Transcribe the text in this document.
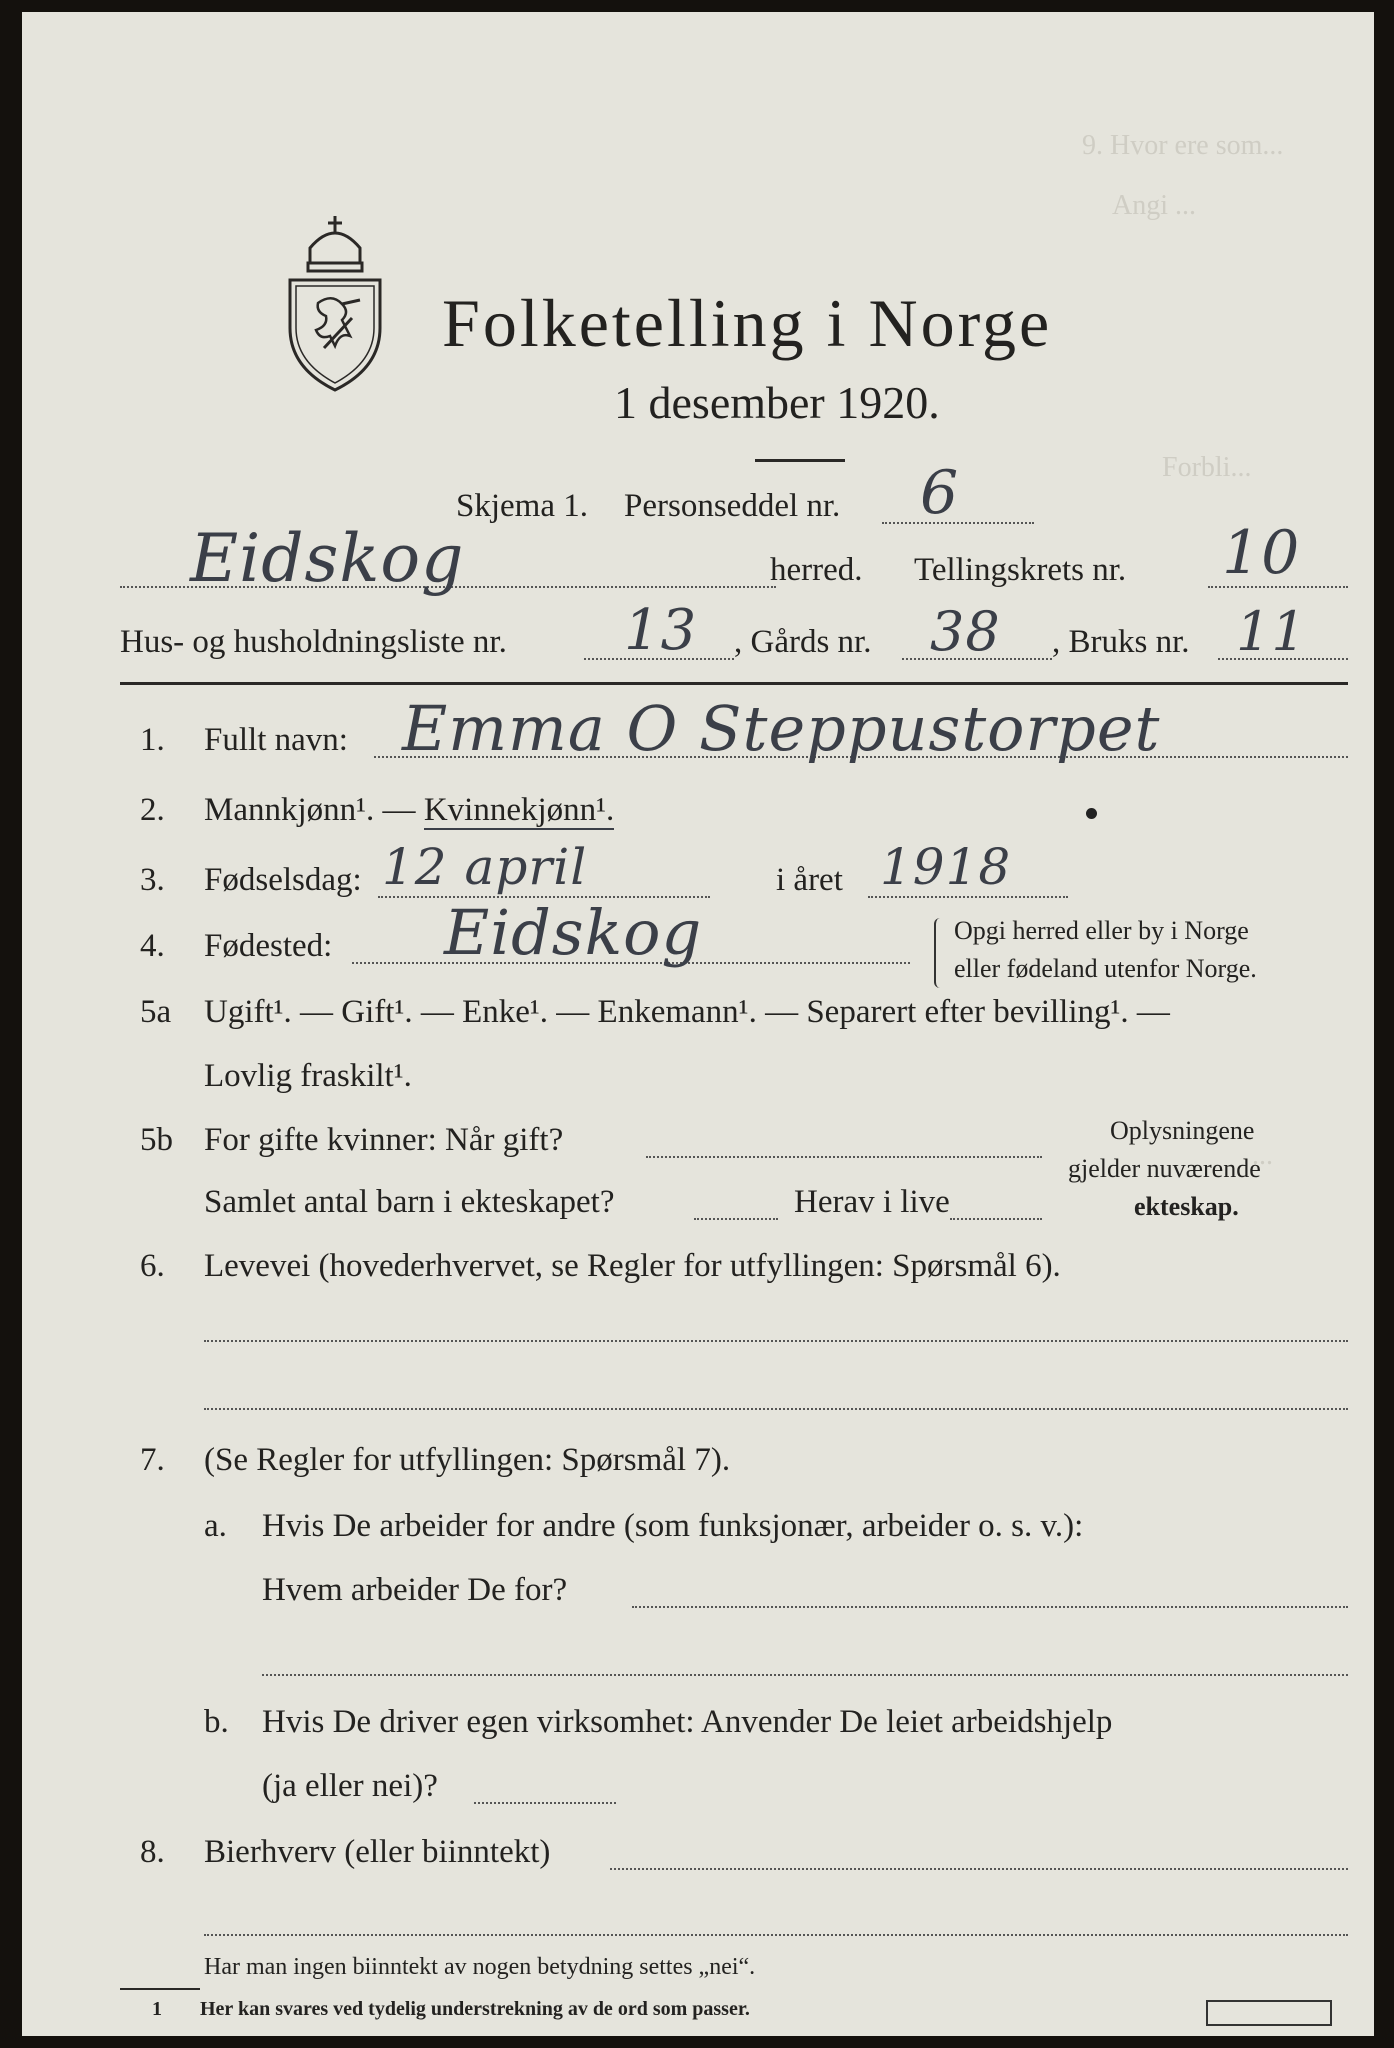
9. Hvor ere som...
Angi ...
Forbli...
...
Folketelling i Norge
1 desember 1920.
Skjema 1. Personseddel nr. 6
Eidskog	herred. Tellingskrets nr. 10
Hus- og husholdningsliste nr. 13 , Gårds nr. 38 , Bruks nr. 11
1. Fullt navn: Emma O Steppustorpet
2. Mannkjønn¹. — Kvinnekjønn¹.
3. Fødselsdag: 12 april	i året 1918
4. Fødested: Eidskog	Opgi herred eller by i Norge
eller fødeland utenfor Norge.
5a Ugift¹. — Gift¹. — Enke¹. — Enkemann¹. — Separert efter bevilling¹. —
Lovlig fraskilt¹.
5b For gifte kvinner: Når gift?
Samlet antal barn i ekteskapet?	Herav i live
Oplysningene
gjelder nuværende
ekteskap.
6. Levevei (hovederhvervet, se Regler for utfyllingen: Spørsmål 6).
7. (Se Regler for utfyllingen: Spørsmål 7).
a. Hvis De arbeider for andre (som funksjonær, arbeider o. s. v.):
Hvem arbeider De for?
b. Hvis De driver egen virksomhet: Anvender De leiet arbeidshjelp
(ja eller nei)?
8. Bierhverv (eller biinntekt)
Har man ingen biinntekt av nogen betydning settes „nei“.
1 Her kan svares ved tydelig understrekning av de ord som passer.
